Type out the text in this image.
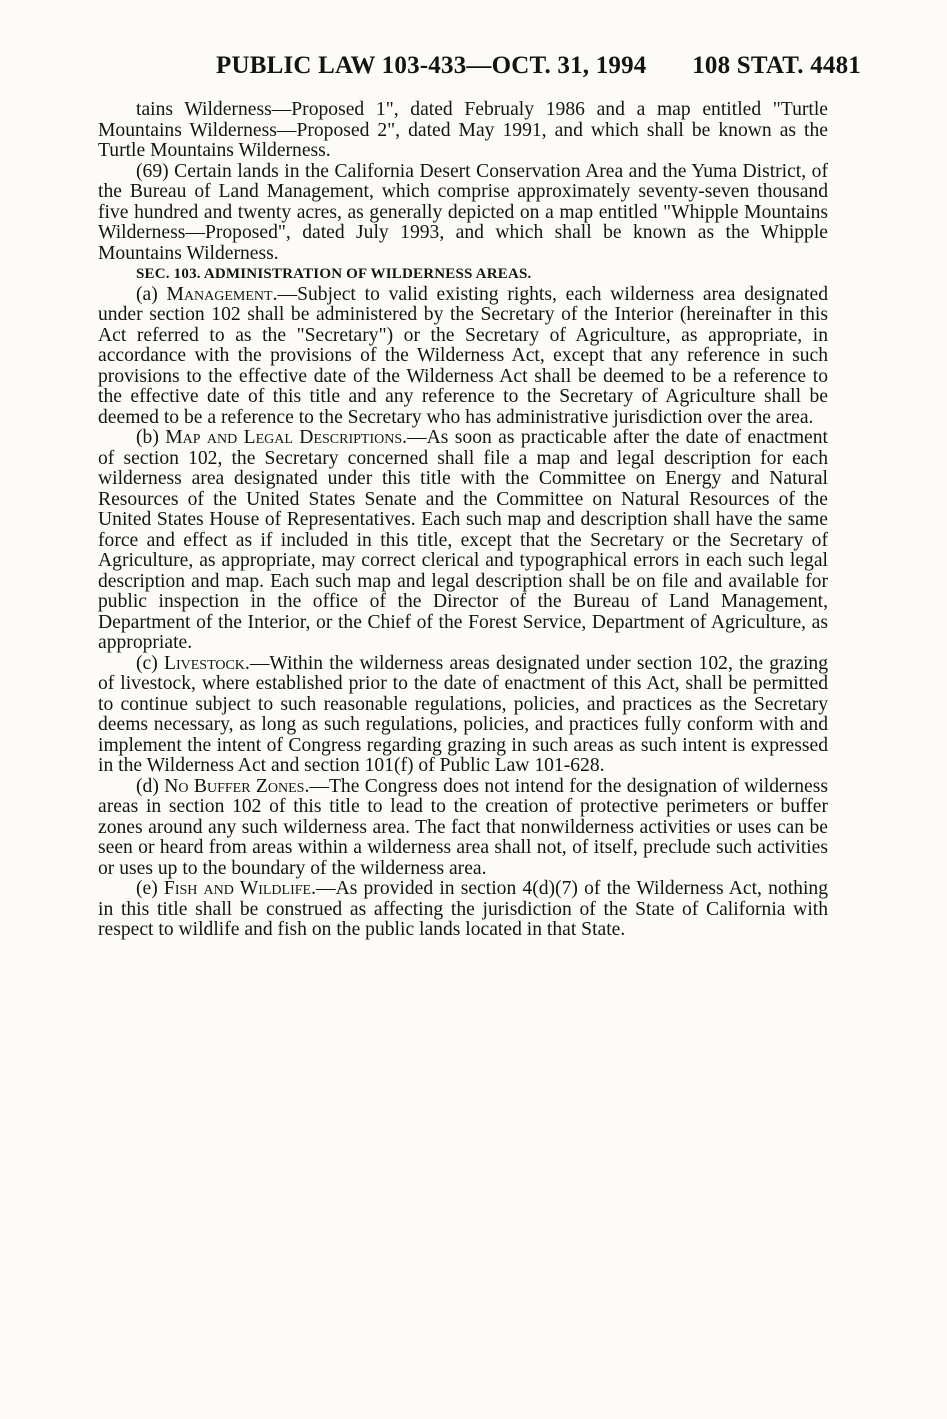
PUBLIC LAW 103-433—OCT. 31, 1994 108 STAT. 4481

tains Wilderness—Proposed 1", dated Februaly 1986 and a map entitled "Turtle Mountains Wilderness—Proposed 2", dated May 1991, and which shall be known as the Turtle Mountains Wilderness.

(69) Certain lands in the California Desert Conservation Area and the Yuma District, of the Bureau of Land Management, which comprise approximately seventy-seven thousand five hundred and twenty acres, as generally depicted on a map entitled "Whipple Mountains Wilderness—Proposed", dated July 1993, and which shall be known as the Whipple Mountains Wilderness.

SEC. 103. ADMINISTRATION OF WILDERNESS AREAS.

(a) Management.—Subject to valid existing rights, each wilderness area designated under section 102 shall be administered by the Secretary of the Interior (hereinafter in this Act referred to as the "Secretary") or the Secretary of Agriculture, as appropriate, in accordance with the provisions of the Wilderness Act, except that any reference in such provisions to the effective date of the Wilderness Act shall be deemed to be a reference to the effective date of this title and any reference to the Secretary of Agriculture shall be deemed to be a reference to the Secretary who has administrative jurisdiction over the area.

(b) Map and Legal Descriptions.—As soon as practicable after the date of enactment of section 102, the Secretary concerned shall file a map and legal description for each wilderness area designated under this title with the Committee on Energy and Natural Resources of the United States Senate and the Committee on Natural Resources of the United States House of Representatives. Each such map and description shall have the same force and effect as if included in this title, except that the Secretary or the Secretary of Agriculture, as appropriate, may correct clerical and typographical errors in each such legal description and map. Each such map and legal description shall be on file and available for public inspection in the office of the Director of the Bureau of Land Management, Department of the Interior, or the Chief of the Forest Service, Department of Agriculture, as appropriate.

(c) Livestock.—Within the wilderness areas designated under section 102, the grazing of livestock, where established prior to the date of enactment of this Act, shall be permitted to continue subject to such reasonable regulations, policies, and practices as the Secretary deems necessary, as long as such regulations, policies, and practices fully conform with and implement the intent of Congress regarding grazing in such areas as such intent is expressed in the Wilderness Act and section 101(f) of Public Law 101-628.

(d) No Buffer Zones.—The Congress does not intend for the designation of wilderness areas in section 102 of this title to lead to the creation of protective perimeters or buffer zones around any such wilderness area. The fact that nonwilderness activities or uses can be seen or heard from areas within a wilderness area shall not, of itself, preclude such activities or uses up to the boundary of the wilderness area.

(e) Fish and Wildlife.—As provided in section 4(d)(7) of the Wilderness Act, nothing in this title shall be construed as affecting the jurisdiction of the State of California with respect to wildlife and fish on the public lands located in that State.
